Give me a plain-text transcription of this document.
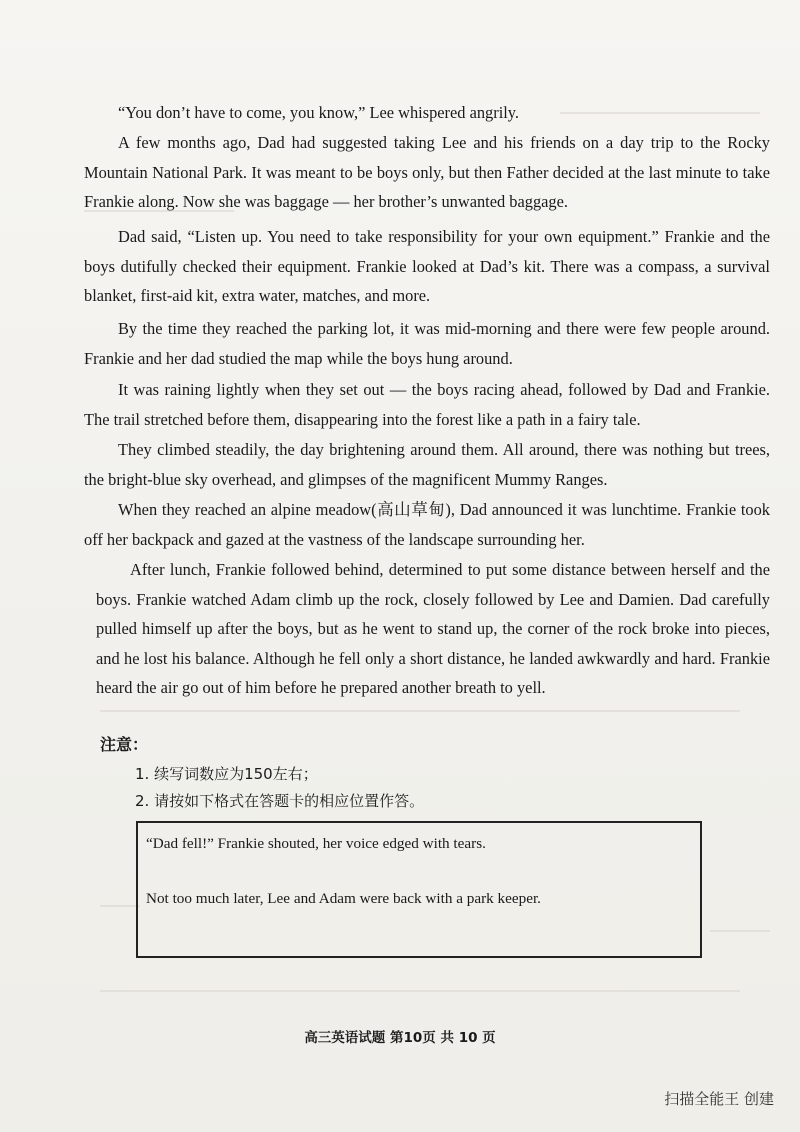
“You don’t have to come, you know,” Lee whispered angrily.

A few months ago, Dad had suggested taking Lee and his friends on a day trip to the Rocky Mountain National Park. It was meant to be boys only, but then Father decided at the last minute to take Frankie along. Now she was baggage — her brother’s unwanted baggage.

Dad said, “Listen up. You need to take responsibility for your own equipment.” Frankie and the boys dutifully checked their equipment. Frankie looked at Dad’s kit. There was a compass, a survival blanket, first-aid kit, extra water, matches, and more.

By the time they reached the parking lot, it was mid-morning and there were few people around. Frankie and her dad studied the map while the boys hung around.

It was raining lightly when they set out — the boys racing ahead, followed by Dad and Frankie. The trail stretched before them, disappearing into the forest like a path in a fairy tale.

They climbed steadily, the day brightening around them. All around, there was nothing but trees, the bright-blue sky overhead, and glimpses of the magnificent Mummy Ranges.

When they reached an alpine meadow(高山草甸), Dad announced it was lunchtime. Frankie took off her backpack and gazed at the vastness of the landscape surrounding her.

After lunch, Frankie followed behind, determined to put some distance between herself and the boys. Frankie watched Adam climb up the rock, closely followed by Lee and Damien. Dad carefully pulled himself up after the boys, but as he went to stand up, the corner of the rock broke into pieces, and he lost his balance. Although he fell only a short distance, he landed awkwardly and hard. Frankie heard the air go out of him before he prepared another breath to yell.

注意：
1. 续写词数应为150左右；
2. 请按如下格式在答题卡的相应位置作答。
“Dad fell!” Frankie shouted, her voice edged with tears.
Not too much later, Lee and Adam were back with a park keeper.
高三英语试题 第10页 共 10 页
扫描全能王 创建
